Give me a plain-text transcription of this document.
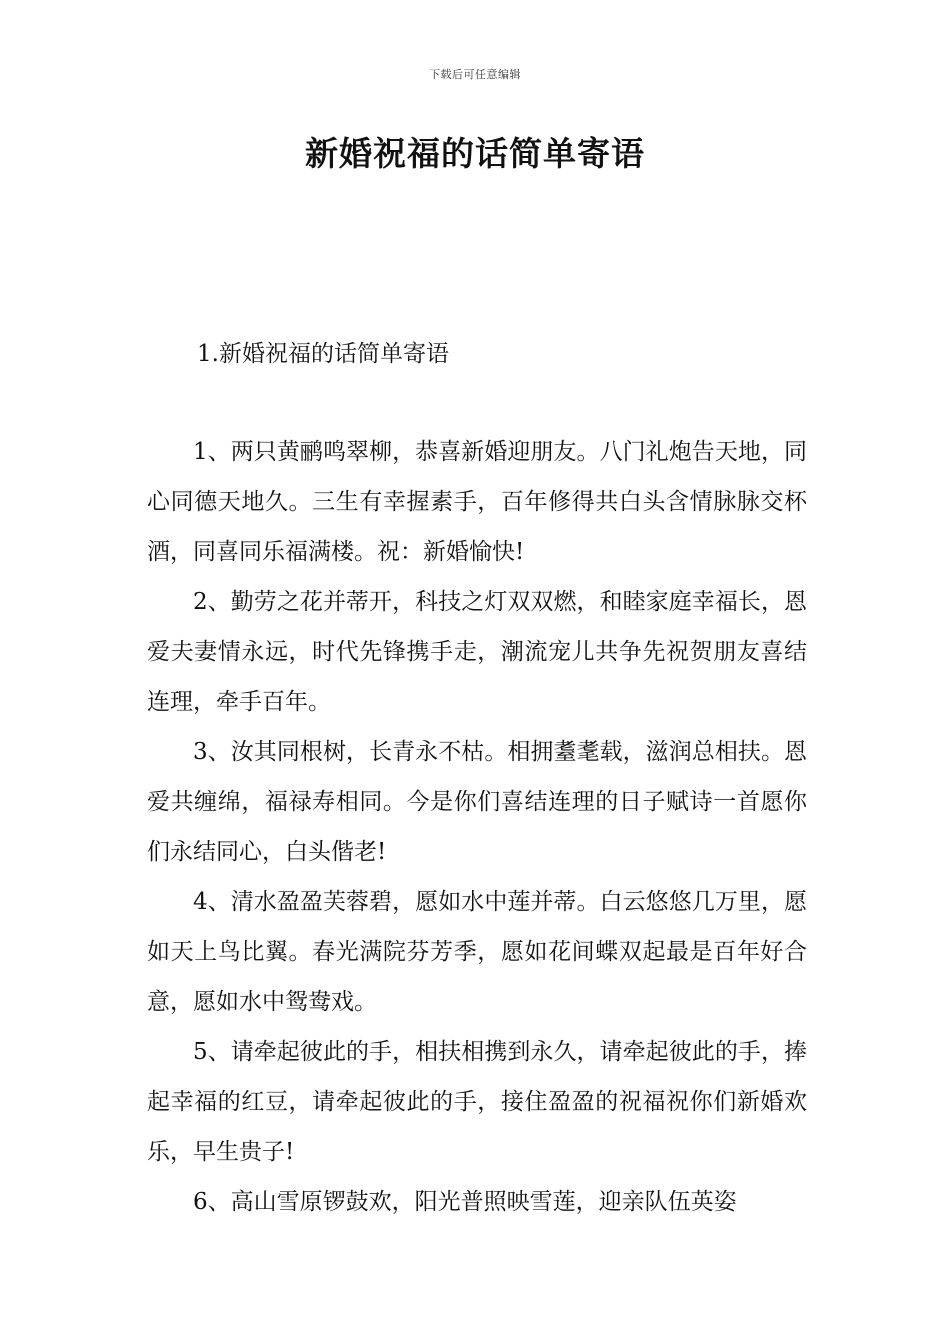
下载后可任意编辑
新婚祝福的话简单寄语
1.新婚祝福的话简单寄语

1、两只黄鹂鸣翠柳，恭喜新婚迎朋友。八门礼炮告天地，同心同德天地久。三生有幸握素手，百年修得共白头含情脉脉交杯酒，同喜同乐福满楼。祝：新婚愉快!

2、勤劳之花并蒂开，科技之灯双双燃，和睦家庭幸福长，恩爱夫妻情永远，时代先锋携手走，潮流宠儿共争先祝贺朋友喜结连理，牵手百年。

3、汝其同根树，长青永不枯。相拥耋耄载，滋润总相扶。恩爱共缠绵，福禄寿相同。今是你们喜结连理的日子赋诗一首愿你们永结同心，白头偕老!

4、清水盈盈芙蓉碧，愿如水中莲并蒂。白云悠悠几万里，愿如天上鸟比翼。春光满院芬芳季，愿如花间蝶双起最是百年好合意，愿如水中鸳鸯戏。

5、请牵起彼此的手，相扶相携到永久，请牵起彼此的手，捧起幸福的红豆，请牵起彼此的手，接住盈盈的祝福祝你们新婚欢乐，早生贵子!

6、高山雪原锣鼓欢，阳光普照映雪莲，迎亲队伍英姿
